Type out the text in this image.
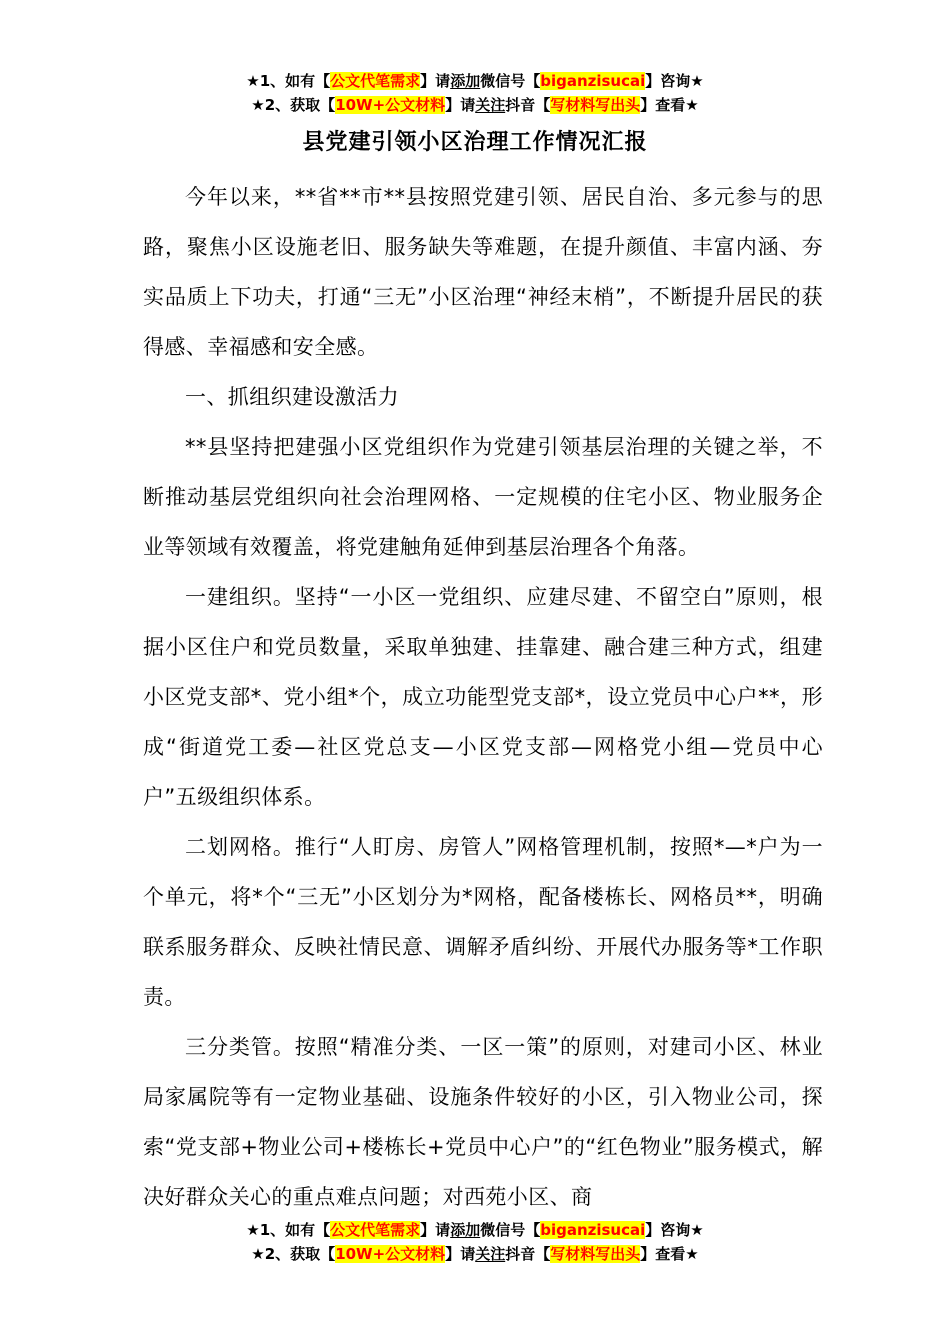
★1、如有【公文代笔需求】请添加微信号【biganzisucai】咨询★
★2、获取【10W+公文材料】请关注抖音【写材料写出头】查看★
县党建引领小区治理工作情况汇报

今年以来，**省**市**县按照党建引领、居民自治、多元参与的思路，聚焦小区设施老旧、服务缺失等难题，在提升颜值、丰富内涵、夯实品质上下功夫，打通“三无”小区治理“神经末梢”，不断提升居民的获得感、幸福感和安全感。

一、抓组织建设激活力

**县坚持把建强小区党组织作为党建引领基层治理的关键之举，不断推动基层党组织向社会治理网格、一定规模的住宅小区、物业服务企业等领域有效覆盖，将党建触角延伸到基层治理各个角落。

一建组织。坚持“一小区一党组织、应建尽建、不留空白”原则，根据小区住户和党员数量，采取单独建、挂靠建、融合建三种方式，组建小区党支部*、党小组*个，成立功能型党支部*，设立党员中心户**，形成“街道党工委—社区党总支—小区党支部—网格党小组—党员中心户”五级组织体系。

二划网格。推行“人盯房、房管人”网格管理机制，按照*—*户为一个单元，将*个“三无”小区划分为*网格，配备楼栋长、网格员**，明确联系服务群众、反映社情民意、调解矛盾纠纷、开展代办服务等*工作职责。

三分类管。按照“精准分类、一区一策”的原则，对建司小区、林业局家属院等有一定物业基础、设施条件较好的小区，引入物业公司，探索“党支部+物业公司+楼栋长+党员中心户”的“红色物业”服务模式，解决好群众关心的重点难点问题；对西苑小区、商

★1、如有【公文代笔需求】请添加微信号【biganzisucai】咨询★
★2、获取【10W+公文材料】请关注抖音【写材料写出头】查看★
